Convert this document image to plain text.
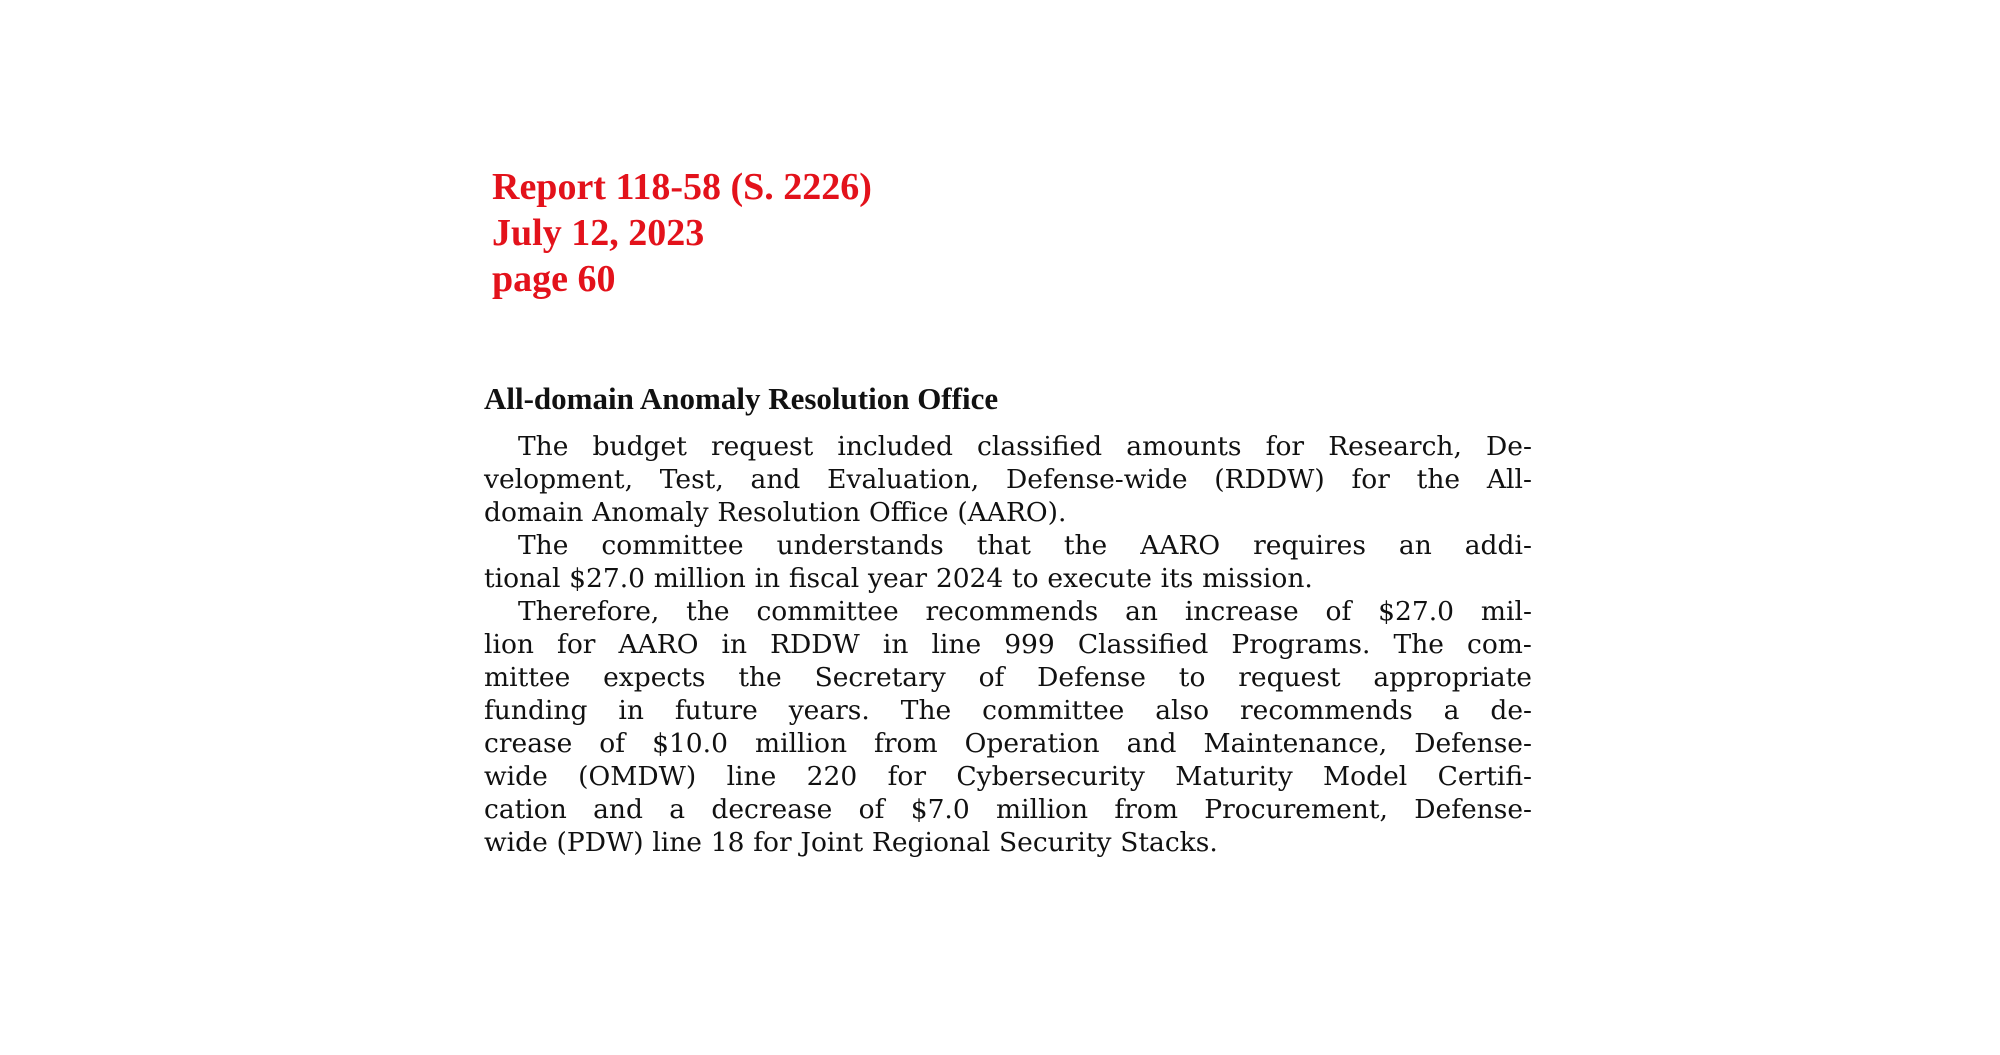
Report 118-58 (S. 2226)
July 12, 2023
page 60
All-domain Anomaly Resolution Office
The budget request included classified amounts for Research, De-
velopment, Test, and Evaluation, Defense-wide (RDDW) for the All-
domain Anomaly Resolution Office (AARO).
The committee understands that the AARO requires an addi-
tional $27.0 million in fiscal year 2024 to execute its mission.
Therefore, the committee recommends an increase of $27.0 mil-
lion for AARO in RDDW in line 999 Classified Programs. The com-
mittee expects the Secretary of Defense to request appropriate
funding in future years. The committee also recommends a de-
crease of $10.0 million from Operation and Maintenance, Defense-
wide (OMDW) line 220 for Cybersecurity Maturity Model Certifi-
cation and a decrease of $7.0 million from Procurement, Defense-
wide (PDW) line 18 for Joint Regional Security Stacks.
